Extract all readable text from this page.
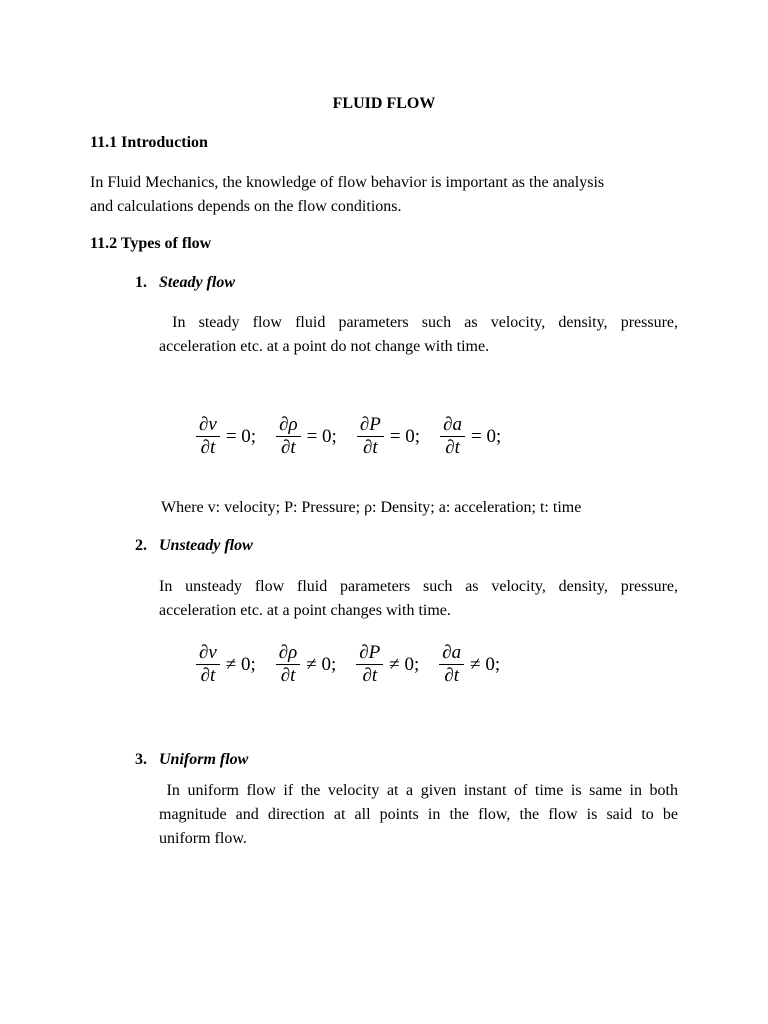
FLUID FLOW
11.1 Introduction
In Fluid Mechanics, the knowledge of flow behavior is important as the analysis
and calculations depends on the flow conditions.
11.2 Types of flow
1. Steady flow
In steady flow fluid parameters such as velocity, density, pressure,
acceleration etc. at a point do not change with time.
$\frac{\partial v}{\partial t} = 0$; $\frac{\partial\rho}{\partial t} = 0$; $\frac{\partial P}{\partial t} = 0$; $\frac{\partial a}{\partial t} = 0$;
Where v: velocity; P: Pressure; ρ: Density; a: acceleration; t: time
2. Unsteady flow
In unsteady flow fluid parameters such as velocity, density, pressure,
acceleration etc. at a point changes with time.
$\frac{\partial v}{\partial t} \ne 0$; $\frac{\partial\rho}{\partial t} \ne 0$; $\frac{\partial P}{\partial t} \ne 0$; $\frac{\partial a}{\partial t} \ne 0$;
3. Uniform flow
In uniform flow if the velocity at a given instant of time is same in both
magnitude and direction at all points in the flow, the flow is said to be
uniform flow.
